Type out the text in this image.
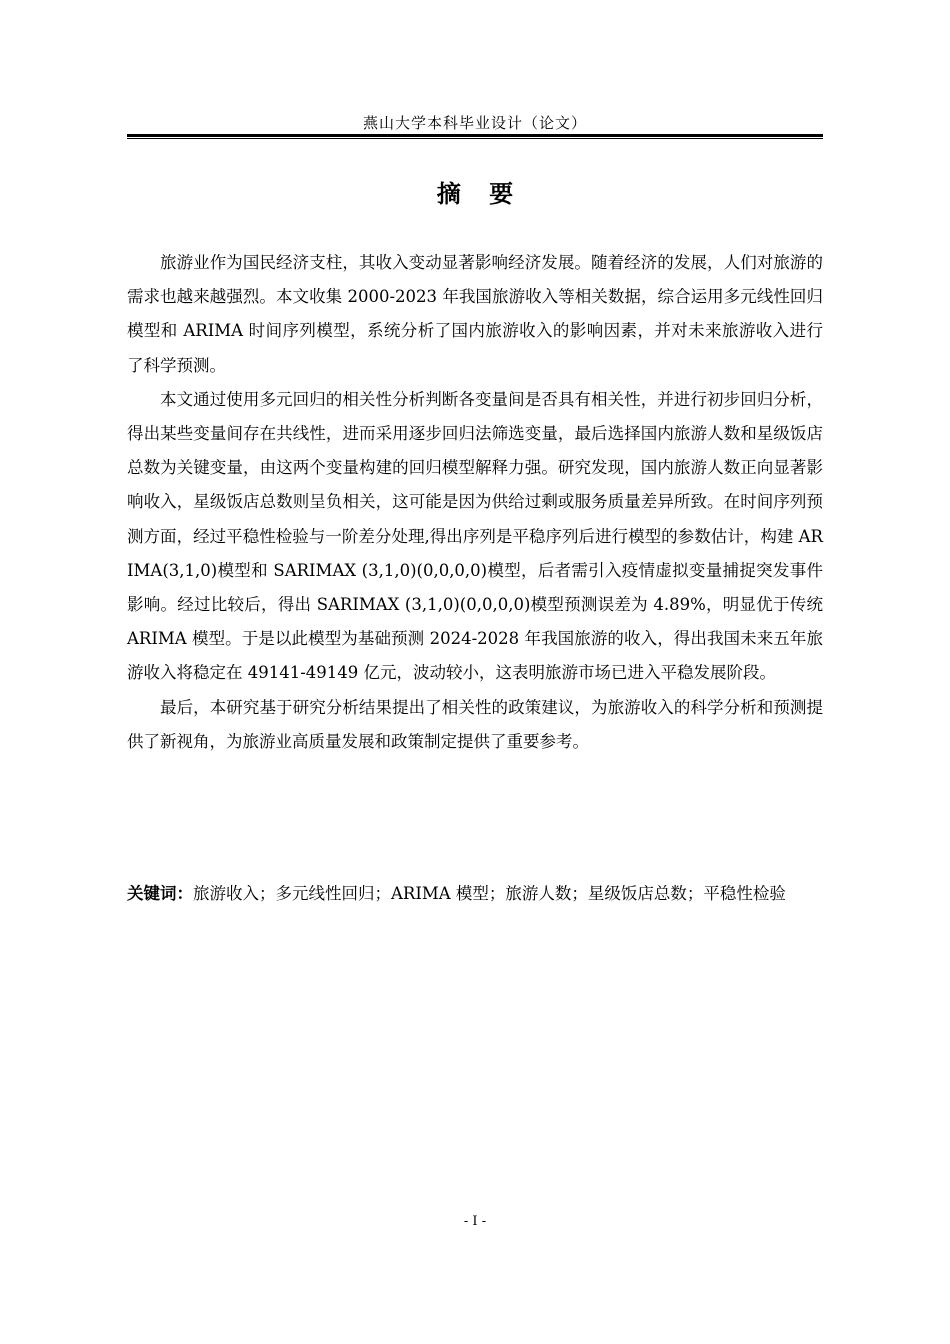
燕山大学本科毕业设计（论文）
摘 要

旅游业作为国民经济支柱，其收入变动显著影响经济发展。随着经济的发展，人们对旅游的需求也越来越强烈。本文收集 2000-2023 年我国旅游收入等相关数据，综合运用多元线性回归模型和 ARIMA 时间序列模型，系统分析了国内旅游收入的影响因素，并对未来旅游收入进行了科学预测。

本文通过使用多元回归的相关性分析判断各变量间是否具有相关性，并进行初步回归分析，得出某些变量间存在共线性，进而采用逐步回归法筛选变量，最后选择国内旅游人数和星级饭店总数为关键变量，由这两个变量构建的回归模型解释力强。研究发现，国内旅游人数正向显著影响收入，星级饭店总数则呈负相关，这可能是因为供给过剩或服务质量差异所致。在时间序列预测方面，经过平稳性检验与一阶差分处理,得出序列是平稳序列后进行模型的参数估计，构建 ARIMA(3,1,0)模型和 SARIMAX (3,1,0)(0,0,0,0)模型，后者需引入疫情虚拟变量捕捉突发事件影响。经过比较后，得出 SARIMAX (3,1,0)(0,0,0,0)模型预测误差为 4.89%，明显优于传统 ARIMA 模型。于是以此模型为基础预测 2024-2028 年我国旅游的收入，得出我国未来五年旅游收入将稳定在 49141-49149 亿元，波动较小，这表明旅游市场已进入平稳发展阶段。

最后，本研究基于研究分析结果提出了相关性的政策建议，为旅游收入的科学分析和预测提供了新视角，为旅游业高质量发展和政策制定提供了重要参考。

关键词： 旅游收入；多元线性回归；ARIMA 模型；旅游人数；星级饭店总数；平稳性检验
- I -
